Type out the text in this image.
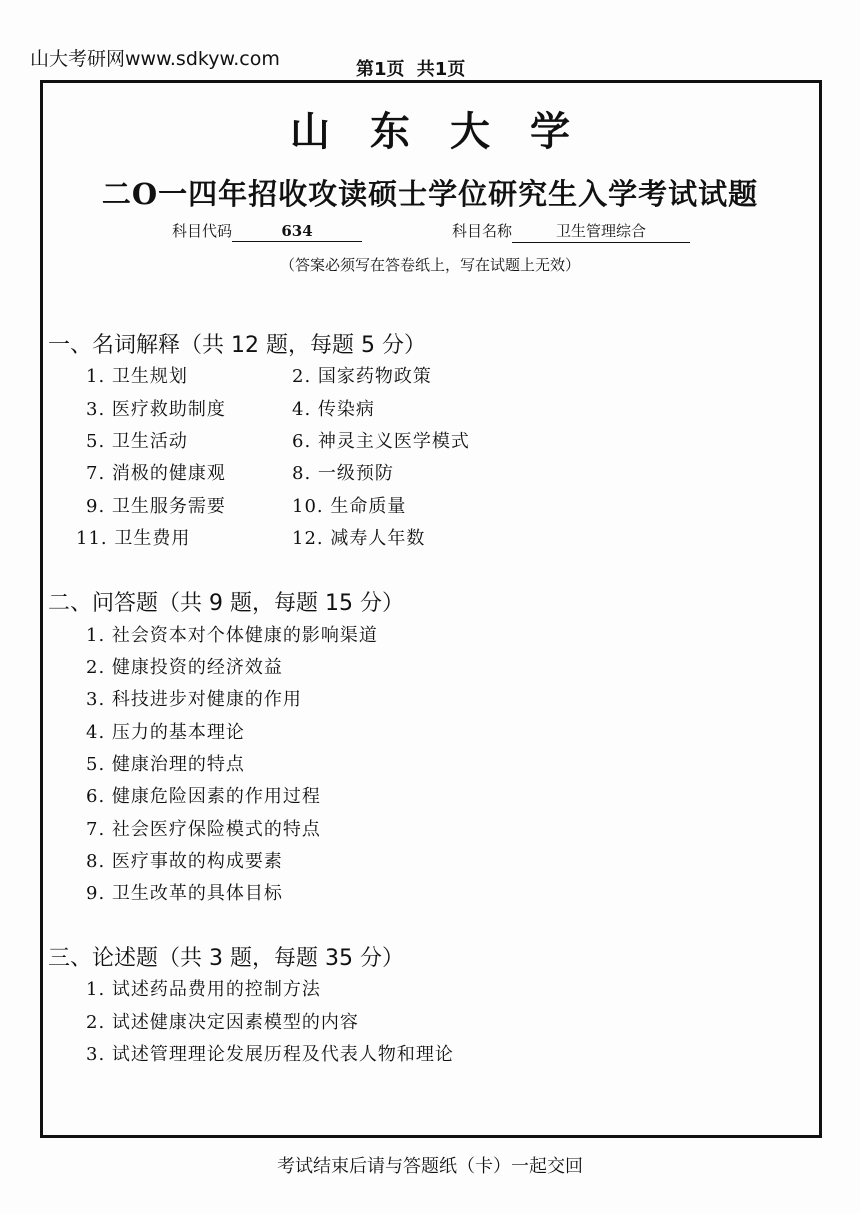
山大考研网www.sdkyw.com	第1页 共1页
山东大学
二O一四年招收攻读硕士学位研究生入学考试试题
科目代码	634	科目名称	卫生管理综合
（答案必须写在答卷纸上，写在试题上无效）
一、名词解释（共 12 题，每题 5 分）
1. 卫生规划	2. 国家药物政策
3. 医疗救助制度	4. 传染病
5. 卫生活动	6. 神灵主义医学模式
7. 消极的健康观	8. 一级预防
9. 卫生服务需要	10. 生命质量
11. 卫生费用	12. 减寿人年数
二、问答题（共 9 题，每题 15 分）
1. 社会资本对个体健康的影响渠道
2. 健康投资的经济效益
3. 科技进步对健康的作用
4. 压力的基本理论
5. 健康治理的特点
6. 健康危险因素的作用过程
7. 社会医疗保险模式的特点
8. 医疗事故的构成要素
9. 卫生改革的具体目标
三、论述题（共 3 题，每题 35 分）
1. 试述药品费用的控制方法
2. 试述健康决定因素模型的内容
3. 试述管理理论发展历程及代表人物和理论
考试结束后请与答题纸（卡）一起交回
